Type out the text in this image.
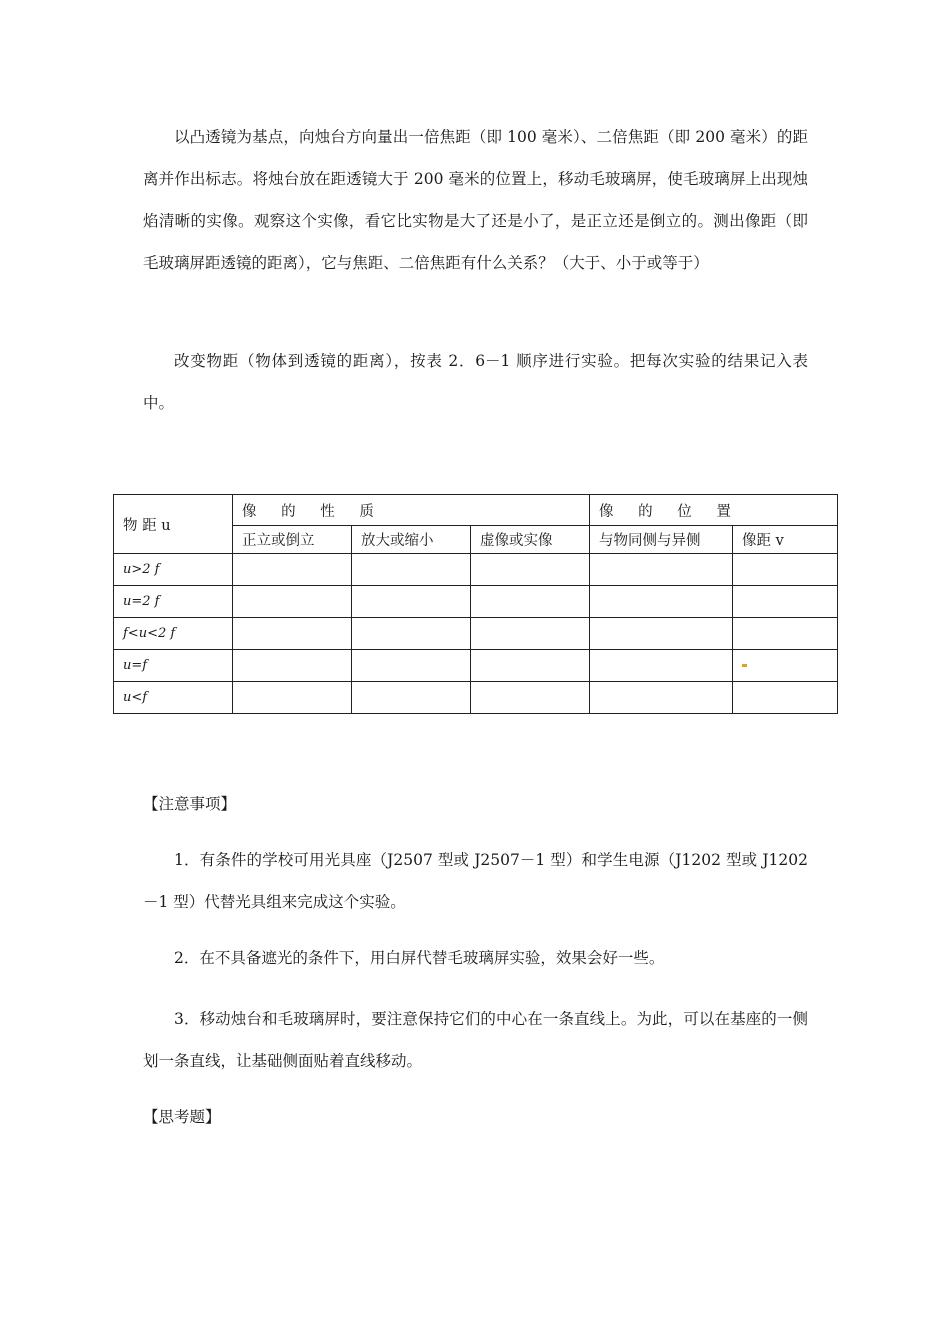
以凸透镜为基点，向烛台方向量出一倍焦距（即 100 毫米）、二倍焦距（即 200 毫米）的距离并作出标志。将烛台放在距透镜大于 200 毫米的位置上，移动毛玻璃屏，使毛玻璃屏上出现烛焰清晰的实像。观察这个实像，看它比实物是大了还是小了，是正立还是倒立的。测出像距（即毛玻璃屏距透镜的距离），它与焦距、二倍焦距有什么关系？（大于、小于或等于）

改变物距（物体到透镜的距离），按表 2．6－1 顺序进行实验。把每次实验的结果记入表中。

物 距 u	像 的 性 质			像 的 位 置	
	正立或倒立	放大或缩小	虚像或实像	与物同侧与异侧	像距 v
u>2 f					
u=2 f					
f<u<2 f					
u=f					
u<f					

【注意事项】

1．有条件的学校可用光具座（J2507 型或 J2507－1 型）和学生电源（J1202 型或 J1202－1 型）代替光具组来完成这个实验。

2．在不具备遮光的条件下，用白屏代替毛玻璃屏实验，效果会好一些。

3．移动烛台和毛玻璃屏时，要注意保持它们的中心在一条直线上。为此，可以在基座的一侧划一条直线，让基础侧面贴着直线移动。

【思考题】
